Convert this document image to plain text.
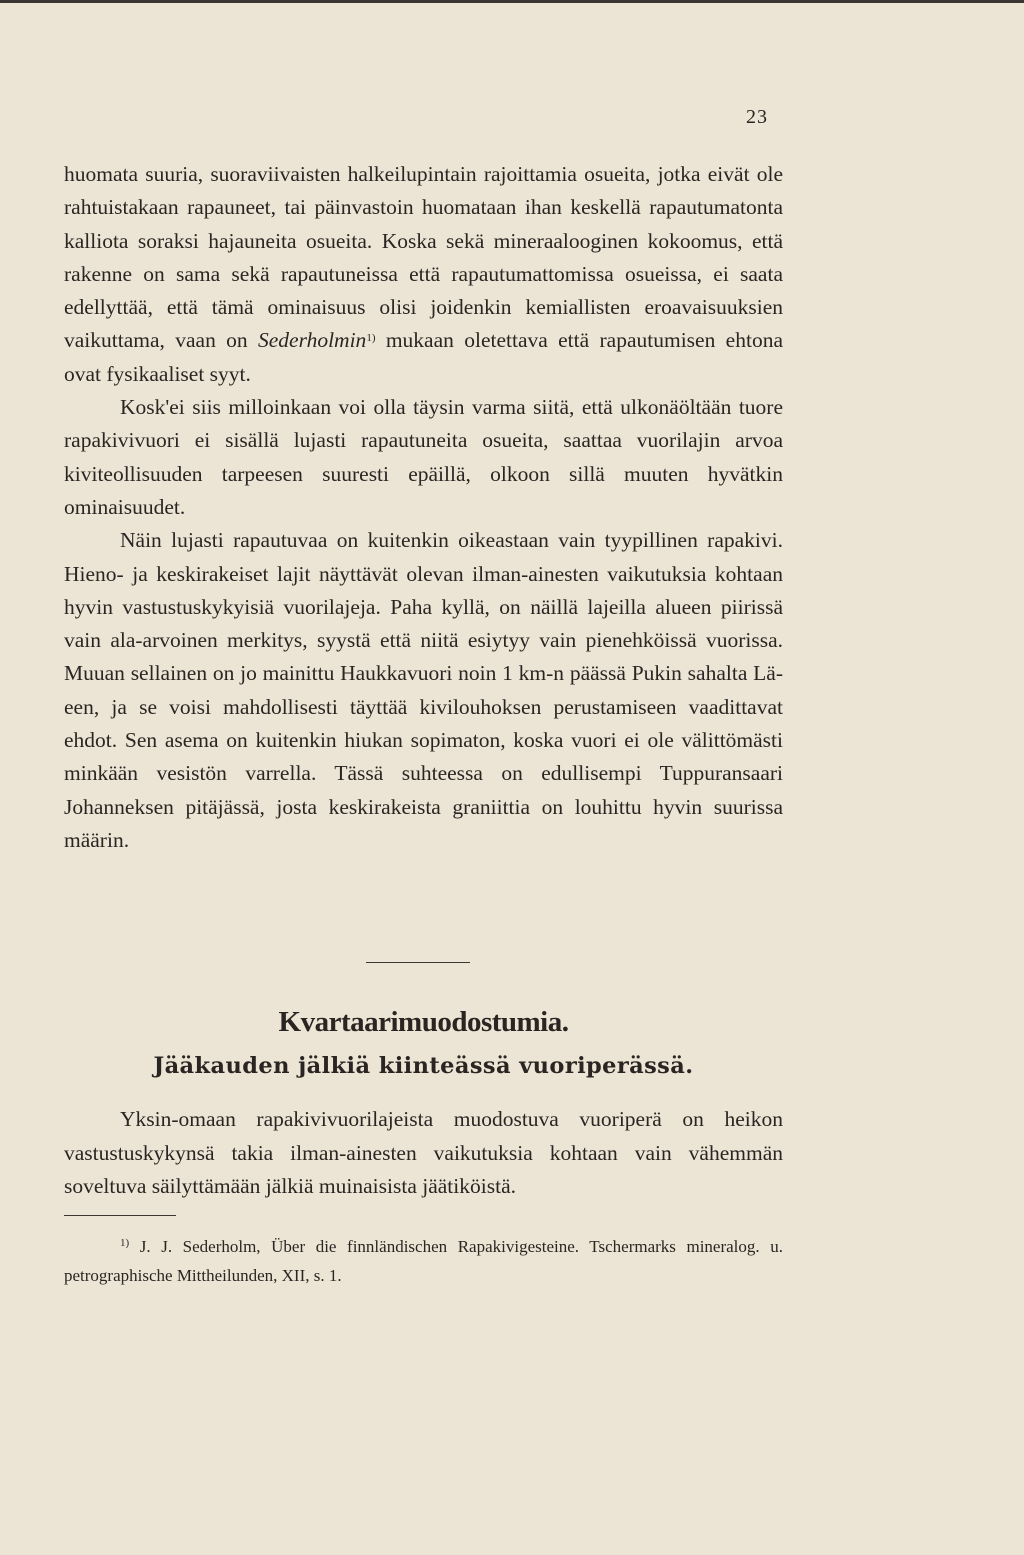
23

huomata suuria, suoraviivaisten halkeilupintain rajoittamia osueita, jotka eivät ole rahtuistakaan rapauneet, tai päinvastoin huomataan ihan keskellä rapautumatonta kalliota soraksi hajauneita osueita. Koska sekä mineraalooginen kokoomus, että rakenne on sama sekä rapautuneissa että rapautumattomissa osueissa, ei saata edellyttää, että tämä ominaisuus olisi joidenkin kemiallisten eroavaisuuksien vaikuttama, vaan on Sederholmin$^{1)}$ mukaan oletettava että rapautumisen ehtona ovat fysikaaliset syyt.

Kosk'ei siis milloinkaan voi olla täysin varma siitä, että ulkonäöltään tuore rapakivivuori ei sisällä lujasti rapautuneita osueita, saattaa vuorilajin arvoa kiviteollisuuden tarpeesen suuresti epäillä, olkoon sillä muuten hyvätkin ominaisuudet.

Näin lujasti rapautuvaa on kuitenkin oikeastaan vain tyypillinen rapakivi. Hieno- ja keskirakeiset lajit näyttävät olevan ilman-ainesten vaikutuksia kohtaan hyvin vastustuskykyisiä vuorilajeja. Paha kyllä, on näillä lajeilla alueen piirissä vain ala-arvoinen merkitys, syystä että niitä esiytyy vain pienehköissä vuorissa. Muuan sellainen on jo mainittu Haukkavuori noin 1 km-n päässä Pukin sahalta Lä-een, ja se voisi mahdollisesti täyttää kivilouhoksen perustamiseen vaadittavat ehdot. Sen asema on kuitenkin hiukan sopimaton, koska vuori ei ole välittömästi minkään vesistön varrella. Tässä suhteessa on edullisempi Tuppuransaari Johanneksen pitäjässä, josta keskirakeista graniittia on louhittu hyvin suurissa määrin.

Kvartaarimuodostumia.
Jääkauden jälkiä kiinteässä vuoriperässä.

Yksin-omaan rapakivivuorilajeista muodostuva vuoriperä on heikon vastustuskykynsä takia ilman-ainesten vaikutuksia kohtaan vain vähemmän soveltuva säilyttämään jälkiä muinaisista jäätiköistä.

$^{1)}$ J. J. Sederholm, Über die finnländischen Rapakivigesteine. Tschermarks mineralog. u. petrographische Mittheilunden, XII, s. 1.
